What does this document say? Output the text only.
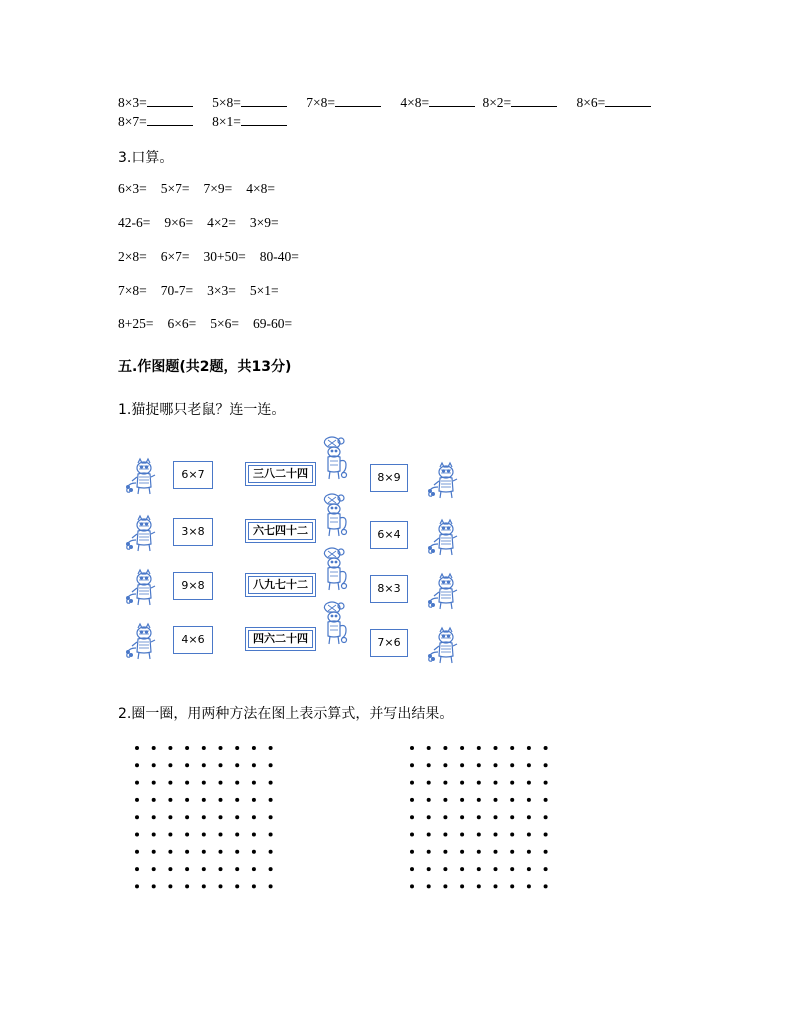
8×3=	5×8=	7×8=	4×8=	8×2=	8×6=
8×7=	8×1=
3.口算。
6×3= 5×7= 7×9= 4×8=
42-6= 9×6= 4×2= 3×9=
2×8= 6×7= 30+50= 80-40=
7×8= 70-7= 3×3= 5×1=
8+25= 6×6= 5×6= 69-60=
五.作图题(共2题，共13分)
1.猫捉哪只老鼠？连一连。
6×7	三八二十四	8×9
3×8	六七四十二	6×4
9×8	八九七十二	8×3
4×6	四六二十四	7×6
2.圈一圈，用两种方法在图上表示算式，并写出结果。
